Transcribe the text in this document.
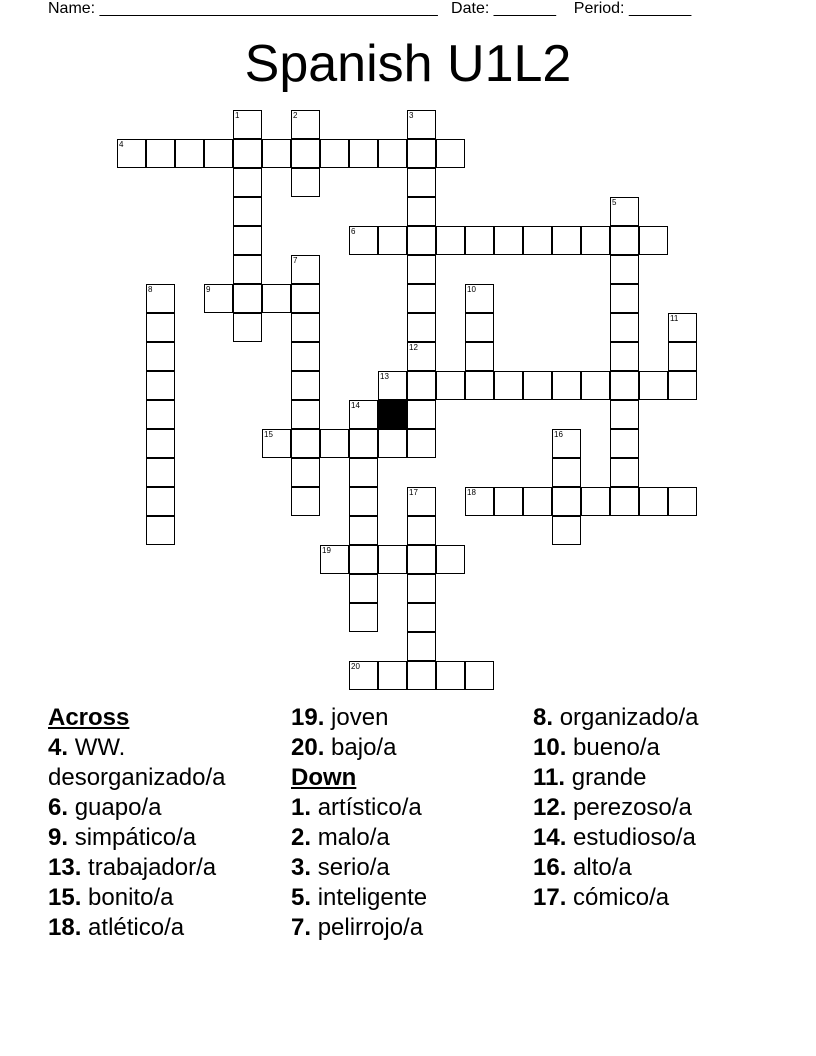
Name: ______________________________________   Date: _______    Period: _______
Spanish U1L2
4
6
9
13
15
18
19
20
1	2	3
5
7
8	10
11
12
14
16
17
Across
4. WW. desorganizado/a
6. guapo/a
9. simpático/a
13. trabajador/a
15. bonito/a
18. atlético/a
19. joven
20. bajo/a
Down
1. artístico/a
2. malo/a
3. serio/a
5. inteligente
7. pelirrojo/a
8. organizado/a
10. bueno/a
11. grande
12. perezoso/a
14. estudioso/a
16. alto/a
17. cómico/a
